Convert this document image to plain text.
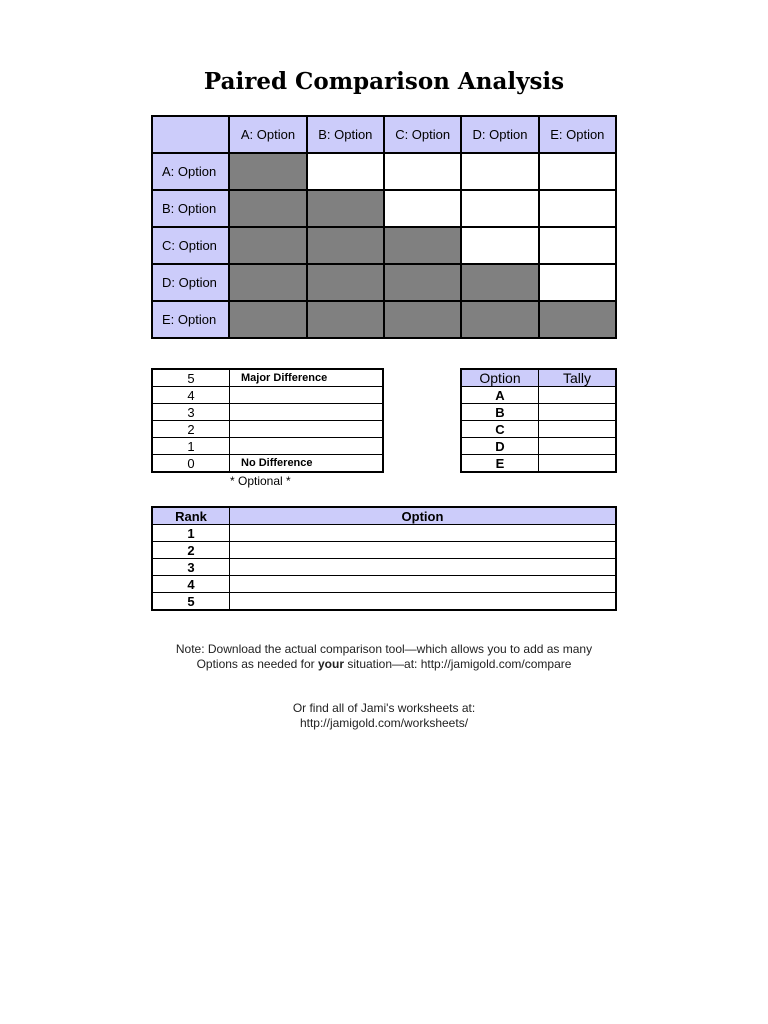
Paired Comparison Analysis
	A: Option	B: Option	C: Option	D: Option	E: Option
A: Option					
B: Option					
C: Option					
D: Option					
E: Option					
5	Major Difference
4	
3	
2	
1	
0	No Difference
* Optional *
Option	Tally
A	
B	
C	
D	
E	
Rank	Option
1	
2	
3	
4	
5	
Note: Download the actual comparison tool—which allows you to add as many
Options as needed for your situation—at: http://jamigold.com/compare
Or find all of Jami's worksheets at:
http://jamigold.com/worksheets/
